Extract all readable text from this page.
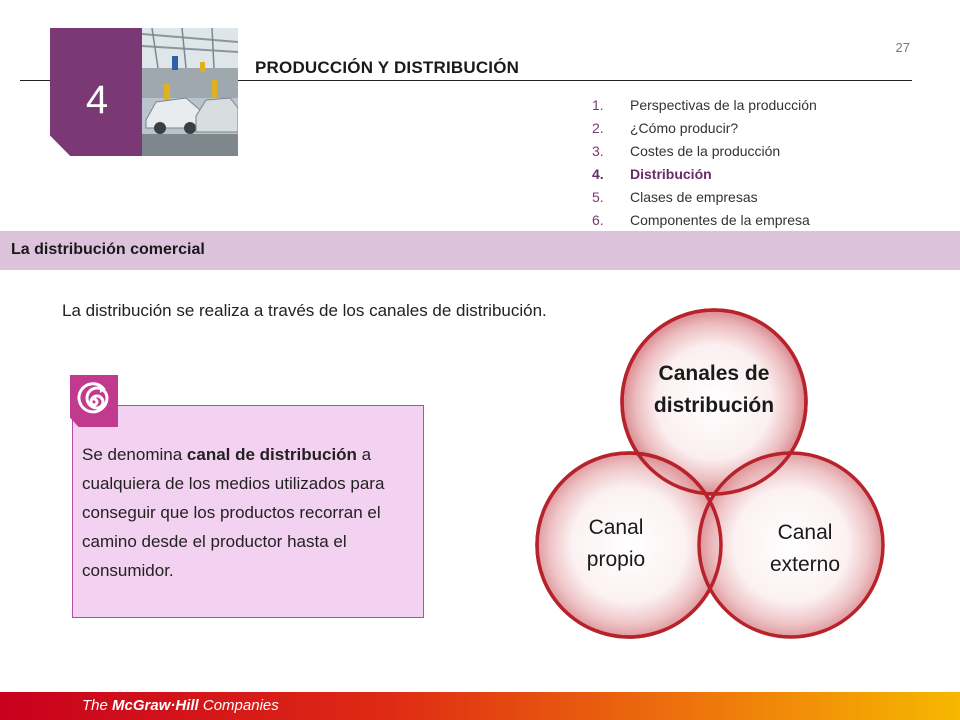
27
4
PRODUCCIÓN Y DISTRIBUCIÓN
1. Perspectivas de la producción
2. ¿Cómo producir?
3. Costes de la producción
4. Distribución
5. Clases de empresas
6. Componentes de la empresa
La distribución comercial
La distribución se realiza a través de los canales de distribución.
Se denomina canal de distribución a cualquiera de los medios utilizados para conseguir que los productos recorran el camino desde el productor hasta el consumidor.
Canales de
distribución
Canal
propio
Canal
externo
The McGraw·Hill Companies
